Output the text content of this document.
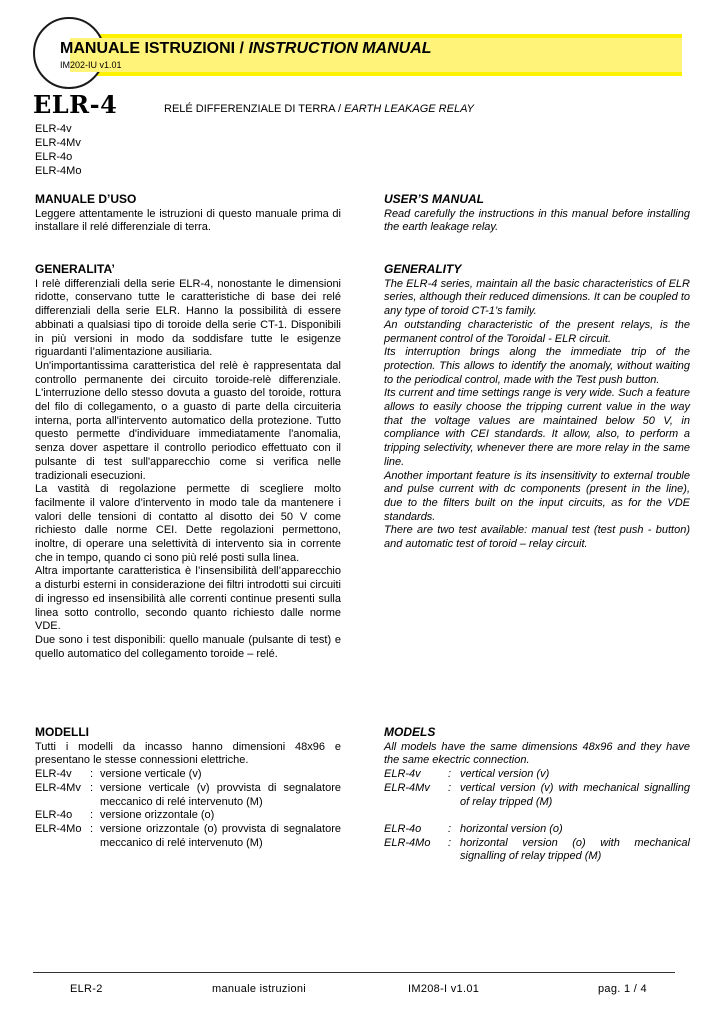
MANUALE ISTRUZIONI / INSTRUCTION MANUAL
IM202-IU v1.01
ELR-4	RELÉ DIFFERENZIALE DI TERRA / EARTH LEAKAGE RELAY
ELR-4v
ELR-4Mv
ELR-4o
ELR-4Mo
MANUALE D’USO

Leggere attentamente le istruzioni di questo manuale prima di installare il relé differenziale di terra.

USER’S MANUAL

Read carefully the instructions in this manual before installing the earth leakage relay.

GENERALITA’

I relè differenziali della serie ELR-4, nonostante le dimensioni ridotte, conservano tutte le caratteristiche di base dei relé differenziali della serie ELR. Hanno la possibilità di essere abbinati a qualsiasi tipo di toroide della serie CT-1. Disponibili in più versioni in modo da soddisfare tutte le esigenze riguardanti l’alimentazione ausiliaria.

Un'importantissima caratteristica del relè è rappresentata dal controllo permanente dei circuito toroide-relè differenziale. L'interruzione dello stesso dovuta a guasto del toroide, rottura del filo di collegamento, o a guasto di parte della circuiteria interna, porta all'intervento automatico della protezione. Tutto questo permette d'individuare immediatamente l'anomalia, senza dover aspettare il controllo periodico effettuato con il pulsante di test sull'apparecchio come si verifica nelle tradizionali esecuzioni.

La vastità di regolazione permette di scegliere molto facilmente il valore d’intervento in modo tale da mantenere i valori delle tensioni di contatto al disotto dei 50 V come richiesto dalle norme CEI. Dette regolazioni permettono, inoltre, di operare una selettività di intervento sia in corrente che in tempo, quando ci sono più relé posti sulla linea.

Altra importante caratteristica è l’insensibilità dell’apparecchio a disturbi esterni in considerazione dei filtri introdotti sui circuiti di ingresso ed insensibilità alle correnti continue presenti sulla linea sotto controllo, secondo quanto richiesto dalle norme VDE.

Due sono i test disponibili: quello manuale (pulsante di test) e quello automatico del collegamento toroide – relé.

GENERALITY

The ELR-4 series, maintain all the basic characteristics of ELR series, although their reduced dimensions. It can be coupled to any type of toroid CT-1’s family.

An outstanding characteristic of the present relays, is the permanent control of the Toroidal - ELR circuit.

Its interruption brings along the immediate trip of the protection. This allows to identify the anomaly, without waiting to the periodical control, made with the Test push button.

Its current and time settings range is very wide. Such a feature allows to easily choose the tripping current value in the way that the voltage values are maintained below 50 V, in compliance with CEI standards. It allow, also, to perform a tripping selectivity, whenever there are more relay in the same line.

Another important feature is its insensitivity to external trouble and pulse current with dc components (present in the line), due to the filters built on the input circuits, as for the VDE standards.

There are two test available: manual test (test push - button) and automatic test of toroid – relay circuit.

MODELLI

Tutti i modelli da incasso hanno dimensioni 48x96 e presentano le stesse connessioni elettriche.

ELR-4v	: versione verticale (v)
ELR-4Mv : versione verticale (v) provvista di segnalatore meccanico di relé intervenuto (M)
ELR-4o	: versione orizzontale (o)
ELR-4Mo : versione orizzontale (o) provvista di segnalatore meccanico di relé intervenuto (M)
MODELS

All models have the same dimensions 48x96 and they have the same ekectric connection.

ELR-4v	: vertical version (v)
ELR-4Mv	: vertical version (v) with mechanical signalling of relay tripped (M)
ELR-4o	: horizontal version (o)
ELR-4Mo	: horizontal version (o) with mechanical signalling of relay tripped (M)
ELR-2	manuale istruzioni	IM208-I v1.01	pag. 1 / 4
